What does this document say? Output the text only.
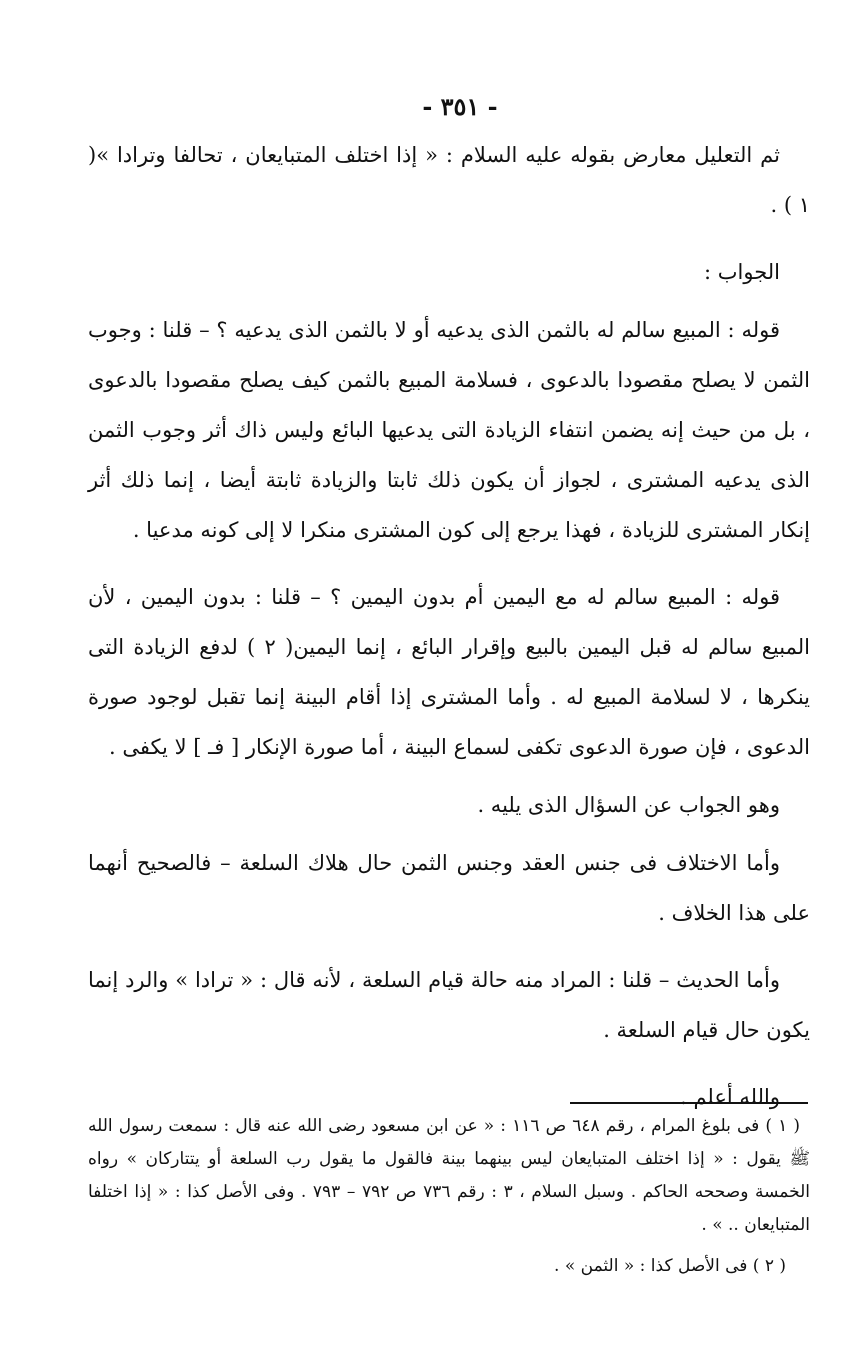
- ٣٥١ -

ثم التعليل معارض بقوله عليه السلام : « إذا اختلف المتبايعان ، تحالفا وترادا »( ١ ) .

الجواب :

قوله : المبيع سالم له بالثمن الذى يدعيه أو لا بالثمن الذى يدعيه ؟ – قلنا : وجوب الثمن لا يصلح مقصودا بالدعوى ، فسلامة المبيع بالثمن كيف يصلح مقصودا بالدعوى ، بل من حيث إنه يضمن انتفاء الزيادة التى يدعيها البائع وليس ذاك أثر وجوب الثمن الذى يدعيه المشترى ، لجواز أن يكون ذلك ثابتا والزيادة ثابتة أيضا ، إنما ذلك أثر إنكار المشترى للزيادة ، فهذا يرجع إلى كون المشترى منكرا لا إلى كونه مدعيا .

قوله : المبيع سالم له مع اليمين أم بدون اليمين ؟ – قلنا : بدون اليمين ، لأن المبيع سالم له قبل اليمين بالبيع وإقرار البائع ، إنما اليمين( ٢ ) لدفع الزيادة التى ينكرها ، لا لسلامة المبيع له . وأما المشترى إذا أقام البينة إنما تقبل لوجود صورة الدعوى ، فإن صورة الدعوى تكفى لسماع البينة ، أما صورة الإنكار [ فـ ] لا يكفى .

وهو الجواب عن السؤال الذى يليه .

وأما الاختلاف فى جنس العقد وجنس الثمن حال هلاك السلعة – فالصحيح أنهما على هذا الخلاف .

وأما الحديث – قلنا : المراد منه حالة قيام السلعة ، لأنه قال : « ترادا » والرد إنما يكون حال قيام السلعة .

والله أعلم .

( ١ ) فى بلوغ المرام ، رقم ٦٤٨ ص ١١٦ : « عن ابن مسعود رضى الله عنه قال : سمعت رسول الله ﷺ يقول : « إذا اختلف المتبايعان ليس بينهما بينة فالقول ما يقول رب السلعة أو يتتاركان » رواه الخمسة وصححه الحاكم . وسبل السلام ، ٣ : رقم ٧٣٦ ص ٧٩٢ – ٧٩٣ . وفى الأصل كذا : « إذا اختلفا المتبايعان .. » .

( ٢ ) فى الأصل كذا : « الثمن » .
